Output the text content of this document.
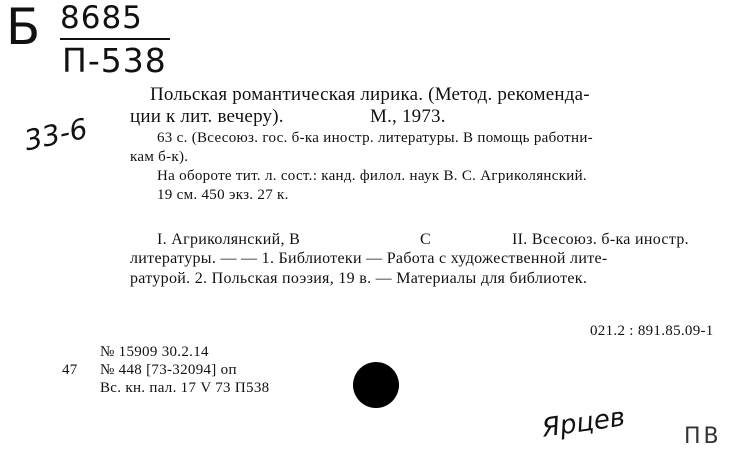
Б 8685
П-538
33-6
Польская романтическая лирика. (Метод. рекоменда-
ции к лит. вечеру).	М., 1973.
63 с. (Всесоюз. гос. б-ка иностр. литературы. В помощь работни-
кам б-к).
На обороте тит. л. сост.: канд. филол. наук В. С. Агриколянский.
19 см. 450 экз. 27 к.
I. Агриколянский, В	С	II. Всесоюз. б-ка иностр.
литературы. — — 1. Библиотеки — Работа с художественной лите-
ратурой. 2. Польская поэзия, 19 в. — Материалы для библиотек.
021.2 : 891.85.09-1
№ 15909 30.2.14
47 № 448 [73-32094] оп
Вс. кн. пал. 17 V 73 П538
Ярцев	ПВ
